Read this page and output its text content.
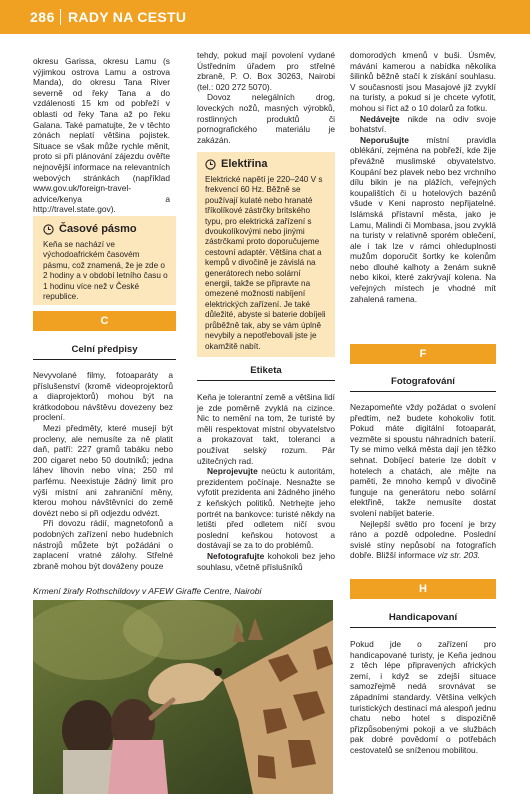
286 RADY NA CESTU

okresu Garissa, okresu Lamu (s výjimkou ostrova Lamu a ostrova Manda), do okresu Tana River severně od řeky Tana a do vzdálenosti 15 km od pobřeží v oblasti od řeky Tana až po řeku Galana. Také pamatujte, že v těchto zónách neplatí většina pojistek. Situace se však může rychle měnit, proto si při plánování zájezdu ověřte nejnovější informace na relevantních webových stránkách (například www.gov.uk/foreign-travel-advice/kenya a http://travel.state.gov).

Časové pásmo
Keňa se nachází ve východoafrickém časovém pásmu, což znamená, že je zde o 2 hodiny a v období letního času o 1 hodinu více než v České republice.
C
Celní předpisy

Nevyvolané filmy, fotoaparáty a příslušenství (kromě videoprojektorů a diaprojektorů) mohou být na krátkodobou návštěvu dovezeny bez proclení.

Mezi předměty, které musejí být procleny, ale nemusíte za ně platit daň, patří: 227 gramů tabáku nebo 200 cigaret nebo 50 doutníků; jedna láhev lihovin nebo vína; 250 ml parfému. Neexistuje žádný limit pro výši místní ani zahraniční měny, kterou mohou návštěvníci do země dovézt nebo si při odjezdu odvézt.

Při dovozu rádií, magnetofonů a podobných zařízení nebo hudebních nástrojů můžete být požádáni o zaplacení vratné zálohy. Střelné zbraně mohou být dováženy pouze

tehdy, pokud mají povolení vydané Ústředním úřadem pro střelné zbraně, P. O. Box 30263, Nairobi (tel.: 020 272 5070).

Dovoz nelegálních drog, loveckých nožů, masných výrobků, rostlinných produktů či pornografického materiálu je zakázán.

Elektřina
Elektrické napětí je 220–240 V s frekvencí 60 Hz. Běžně se používají kulaté nebo hranaté tříkolíkové zástrčky britského typu, pro elektrická zařízení s dvoukolíkovými nebo jinými zástrčkami proto doporučujeme cestovní adaptér. Většina chat a kempů v divočině je závislá na generátorech nebo solární energii, takže se připravte na omezené možnosti nabíjení elektrických zařízení. Je také důležité, abyste si baterie dobíjeli průběžně tak, aby se vám úplně nevybily a nepotřebovali jste je okamžitě nabít.
Etiketa

Keňa je tolerantní země a většina lidí je zde poměrně zvyklá na cizince. Nic to nemění na tom, že turisté by měli respektovat místní obyvatelstvo a prokazovat takt, toleranci a používat selský rozum. Pár užitečných rad.

Neprojevujte neúctu k autoritám, prezidentem počínaje. Nesnažte se vyfotit prezidenta ani žádného jiného z keňských politiků. Netrhejte jeho portrét na bankovce: turisté někdy na letišti před odletem ničí svou poslední keňskou hotovost a dostávají se za to do problémů.

Nefotografujte kohokoli bez jeho souhlasu, včetně příslušníků

domorodých kmenů v buši. Úsměv, mávání kamerou a nabídka několika šilinků běžně stačí k získání souhlasu. V současnosti jsou Masajové již zvyklí na turisty, a pokud si je chcete vyfotit, mohou si říct až o 10 dolarů za fotku.

Nedávejte nikde na odiv svoje bohatství.

Neporušujte místní pravidla oblékání, zejména na pobřeží, kde žije převážně muslimské obyvatelstvo. Koupání bez plavek nebo bez vrchního dílu bikin je na plážích, veřejných koupalištích či u hotelových bazénů všude v Keni naprosto nepřijatelné. Islámská přístavní města, jako je Lamu, Malindi či Mombasa, jsou zvyklá na turisty v relativně sporém oblečení, ale i tak lze v rámci ohleduplnosti mužům doporučit šortky ke kolenům nebo dlouhé kalhoty a ženám sukně nebo kikoi, které zakrývají kolena. Na veřejných místech je vhodné mít zahalená ramena.

F
Fotografování

Nezapomeňte vždy požádat o svolení předtím, než budete kohokoliv fotit. Pokud máte digitální fotoaparát, vezměte si spoustu náhradních baterií. Ty se mimo velká města dají jen těžko sehnat. Dobíjecí baterie lze dobít v hotelech a chatách, ale mějte na paměti, že mnoho kempů v divočině funguje na generátoru nebo solární elektřině, takže nemusíte dostat svolení nabíjet baterie.

Nejlepší světlo pro focení je brzy ráno a pozdě odpoledne. Poslední svislé stíny nepůsobí na fotografích dobře. Bližší informace viz str. 203.

H
Handicapovaní

Pokud jde o zařízení pro handicapované turisty, je Keňa jednou z těch lépe připravených afrických zemí, i když se zdejší situace samozřejmě nedá srovnávat se západními standardy. Většina velkých turistických destinací má alespoň jednu chatu nebo hotel s dispozičně přizpůsobenými pokoji a ve službách pak dobré povědomí o potřebách cestovatelů se sníženou mobilitou.

Krmení žirafy Rothschildovy v AFEW Giraffe Centre, Nairobi
